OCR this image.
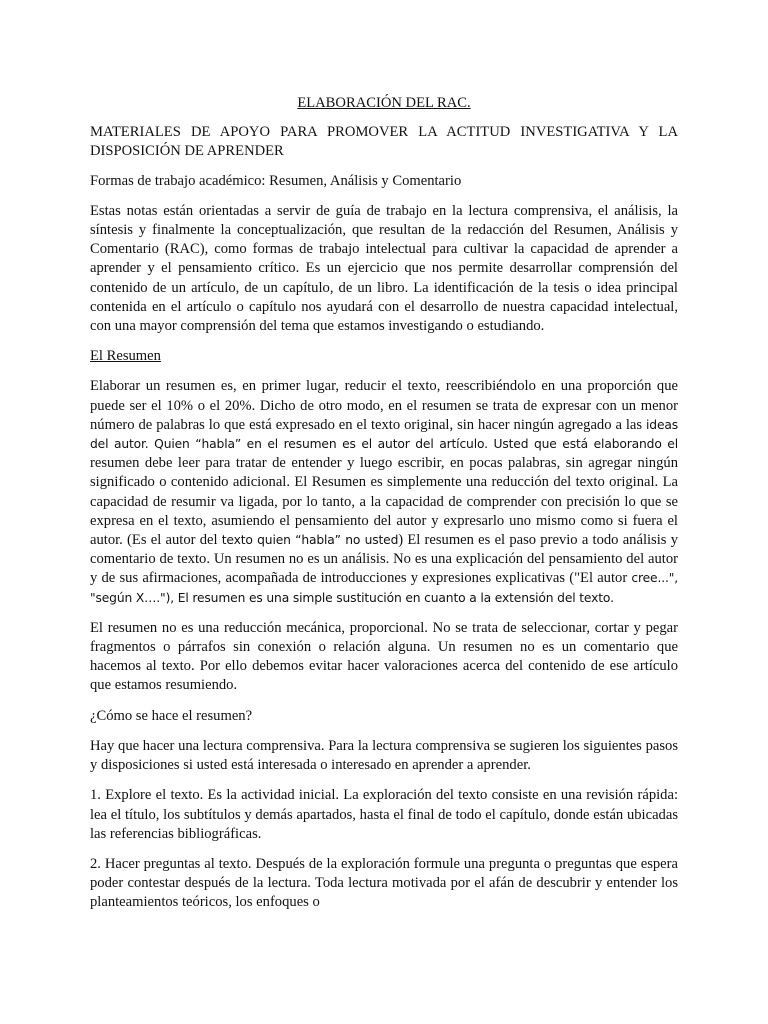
ELABORACIÓN DEL RAC.

MATERIALES DE APOYO PARA PROMOVER LA ACTITUD INVESTIGATIVA Y LA DISPOSICIÓN DE APRENDER

Formas de trabajo académico: Resumen, Análisis y Comentario

Estas notas están orientadas a servir de guía de trabajo en la lectura comprensiva, el análisis, la síntesis y finalmente la conceptualización, que resultan de la redacción del Resumen, Análisis y Comentario (RAC), como formas de trabajo intelectual para cultivar la capacidad de aprender a aprender y el pensamiento crítico. Es un ejercicio que nos permite desarrollar comprensión del contenido de un artículo, de un capítulo, de un libro. La identificación de la tesis o idea principal contenida en el artículo o capítulo nos ayudará con el desarrollo de nuestra capacidad intelectual, con una mayor comprensión del tema que estamos investigando o estudiando.

El Resumen

Elaborar un resumen es, en primer lugar, reducir el texto, reescribiéndolo en una proporción que puede ser el 10% o el 20%. Dicho de otro modo, en el resumen se trata de expresar con un menor número de palabras lo que está expresado en el texto original, sin hacer ningún agregado a las ideas del autor. Quien “habla” en el resumen es el autor del artículo. Usted que está elaborando el resumen debe leer para tratar de entender y luego escribir, en pocas palabras, sin agregar ningún significado o contenido adicional. El Resumen es simplemente una reducción del texto original. La capacidad de resumir va ligada, por lo tanto, a la capacidad de comprender con precisión lo que se expresa en el texto, asumiendo el pensamiento del autor y expresarlo uno mismo como si fuera el autor. (Es el autor del texto quien “habla” no usted) El resumen es el paso previo a todo análisis y comentario de texto. Un resumen no es un análisis. No es una explicación del pensamiento del autor y de sus afirmaciones, acompañada de introducciones y expresiones explicativas ("El autor cree...", "según X…."), El resumen es una simple sustitución en cuanto a la extensión del texto.

El resumen no es una reducción mecánica, proporcional. No se trata de seleccionar, cortar y pegar fragmentos o párrafos sin conexión o relación alguna. Un resumen no es un comentario que hacemos al texto. Por ello debemos evitar hacer valoraciones acerca del contenido de ese artículo que estamos resumiendo.

¿Cómo se hace el resumen?

Hay que hacer una lectura comprensiva. Para la lectura comprensiva se sugieren los siguientes pasos y disposiciones si usted está interesada o interesado en aprender a aprender.

1. Explore el texto. Es la actividad inicial. La exploración del texto consiste en una revisión rápida: lea el título, los subtítulos y demás apartados, hasta el final de todo el capítulo, donde están ubicadas las referencias bibliográficas.

2. Hacer preguntas al texto. Después de la exploración formule una pregunta o preguntas que espera poder contestar después de la lectura. Toda lectura motivada por el afán de descubrir y entender los planteamientos teóricos, los enfoques o
